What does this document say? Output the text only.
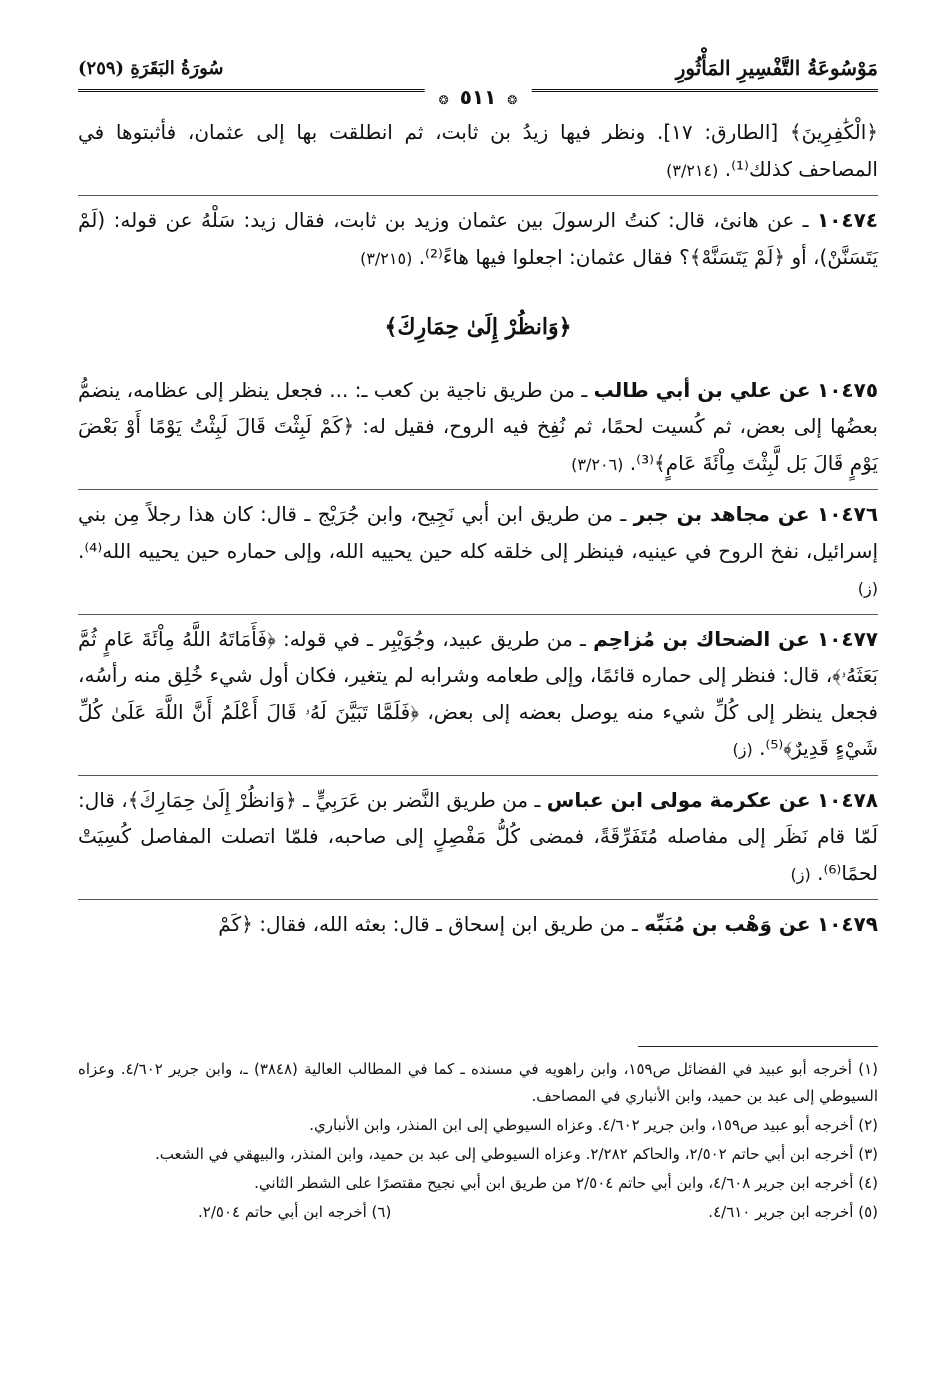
مَوْسُوعَةُ التَّفْسِيرِ المَأْثُورِ
سُورَةُ البَقَرَةِ (٢٥٩)
❂ ٥١١ ❂

﴿الْكَٰفِرِينَ﴾ [الطارق: ١٧]. ونظر فيها زيدُ بن ثابت، ثم انطلقت بها إلى عثمان، فأثبتوها في المصاحف كذلك⁽¹⁾. (٣/٢١٤)

١٠٤٧٤ ـ عن هانئ، قال: كنتُ الرسولَ بين عثمان وزيد بن ثابت، فقال زيد: سَلْهُ عن قوله: (لَمْ يَتَسَنَّنْ)، أو ﴿لَمْ يَتَسَنَّهْ﴾؟ فقال عثمان: اجعلوا فيها هاءً⁽²⁾. (٣/٢١٥)

﴿وَانظُرْ إِلَىٰ حِمَارِكَ﴾

١٠٤٧٥ عن علي بن أبي طالب ـ من طريق ناجية بن كعب ـ: ... فجعل ينظر إلى عظامه، ينضمُّ بعضُها إلى بعض، ثم كُسيت لحمًا، ثم نُفِخ فيه الروح، فقيل له: ﴿كَمْ لَبِثْتَ قَالَ لَبِثْتُ يَوْمًا أَوْ بَعْضَ يَوْمٍ قَالَ بَل لَّبِثْتَ مِاْئَةَ عَامٍ﴾⁽³⁾. (٣/٢٠٦)

١٠٤٧٦ عن مجاهد بن جبر ـ من طريق ابن أبي نَجِيح، وابن جُرَيْج ـ قال: كان هذا رجلاً مِن بني إسرائيل، نفخ الروح في عينيه، فينظر إلى خلقه كله حين يحييه الله، وإلى حماره حين يحييه الله⁽⁴⁾. (ز)

١٠٤٧٧ عن الضحاك بن مُزاحِم ـ من طريق عبيد، وجُوَيْبِر ـ في قوله: ﴿فَأَمَاتَهُ اللَّهُ مِاْئَةَ عَامٍ ثُمَّ بَعَثَهُۥ﴾، قال: فنظر إلى حماره قائمًا، وإلى طعامه وشرابه لم يتغير، فكان أول شيء خُلِق منه رأسُه، فجعل ينظر إلى كُلِّ شيء منه يوصل بعضه إلى بعض، ﴿فَلَمَّا تَبَيَّنَ لَهُۥ قَالَ أَعْلَمُ أَنَّ اللَّهَ عَلَىٰ كُلِّ شَيْءٍ قَدِيرٌ﴾⁽⁵⁾. (ز)

١٠٤٧٨ عن عكرمة مولى ابن عباس ـ من طريق النَّضر بن عَرَبِيٍّ ـ ﴿وَانظُرْ إِلَىٰ حِمَارِكَ﴾، قال: لَمّا قام نَظَر إلى مفاصله مُتَفَرِّقَةً، فمضى كُلُّ مَفْصِلٍ إلى صاحبه، فلمّا اتصلت المفاصل كُسِيَتْ لحمًا⁽⁶⁾. (ز)

١٠٤٧٩ عن وَهْب بن مُنَبِّه ـ من طريق ابن إسحاق ـ قال: بعثه الله، فقال: ﴿كَمْ

(١) أخرجه أبو عبيد في الفضائل ص١٥٩، وابن راهويه في مسنده ـ كما في المطالب العالية (٣٨٤٨) ـ، وابن جرير ٤/٦٠٢. وعزاه السيوطي إلى عبد بن حميد، وابن الأنباري في المصاحف.
(٢) أخرجه أبو عبيد ص١٥٩، وابن جرير ٤/٦٠٢. وعزاه السيوطي إلى ابن المنذر، وابن الأنباري.
(٣) أخرجه ابن أبي حاتم ٢/٥٠٢، والحاكم ٢/٢٨٢. وعزاه السيوطي إلى عبد بن حميد، وابن المنذر، والبيهقي في الشعب.
(٤) أخرجه ابن جرير ٤/٦٠٨، وابن أبي حاتم ٢/٥٠٤ من طريق ابن أبي نجيح مقتصرًا على الشطر الثاني.
(٥) أخرجه ابن جرير ٤/٦١٠.
(٦) أخرجه ابن أبي حاتم ٢/٥٠٤.
